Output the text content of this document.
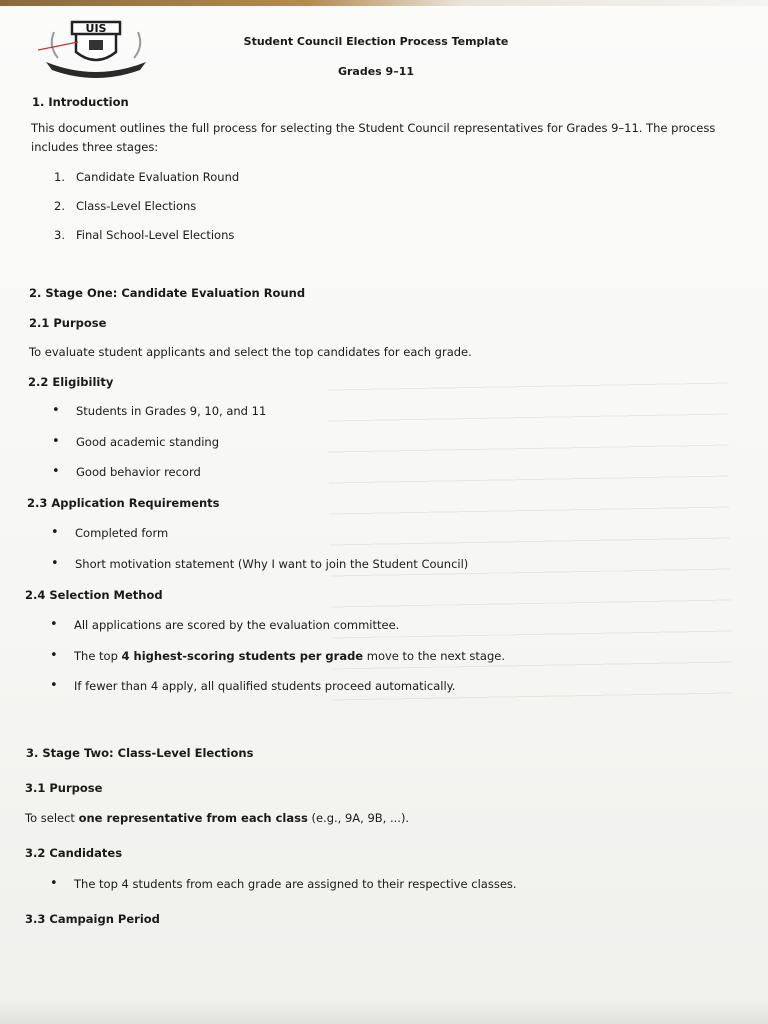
UIS
Student Council Election Process Template
Grades 9–11
1. Introduction
This document outlines the full process for selecting the Student Council representatives for Grades 9–11. The process
includes three stages:
Candidate Evaluation Round
Class-Level Elections
Final School-Level Elections
2. Stage One: Candidate Evaluation Round
2.1 Purpose
To evaluate student applicants and select the top candidates for each grade.
2.2 Eligibility
• Students in Grades 9, 10, and 11
• Good academic standing
• Good behavior record
2.3 Application Requirements
• Completed form
• Short motivation statement (Why I want to join the Student Council)
2.4 Selection Method
• All applications are scored by the evaluation committee.
• The top 4 highest-scoring students per grade move to the next stage.
• If fewer than 4 apply, all qualified students proceed automatically.
3. Stage Two: Class-Level Elections
3.1 Purpose
To select one representative from each class (e.g., 9A, 9B, ...).
3.2 Candidates
• The top 4 students from each grade are assigned to their respective classes.
3.3 Campaign Period
